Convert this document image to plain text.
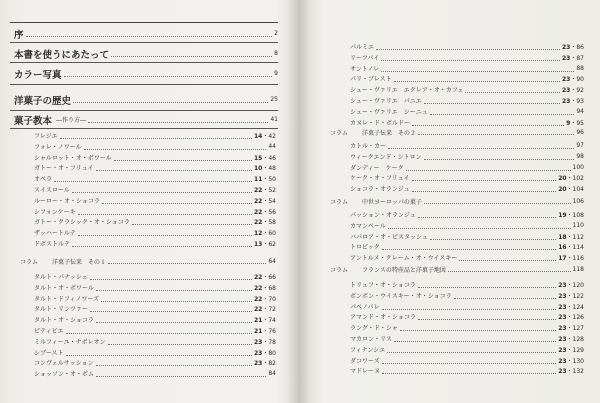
序	2
本書を使うにあたって	8
カラー写真	9
洋菓子の歴史	25
菓子教本 ―作り方―	41
フレジエ	14・42
フォレ・ノワール	44
シャルロット・オ・ポワール	15・46
ガトー・オ・フリュイ	10・48
オペラ	11・50
スイスロール	22・52
ルーロー・オ・ショコラ	22・54
シフォンケーキ	22・56
ガトー・クラシック・オ・ショコラ	22・58
ザッハートルテ	12・60
ドボストルテ	13・62
コラム	洋菓子伝来　その１	64
タルト・パナッシェ	22・66
タルト・オ・ポワール	22・68
タルト・ドフィノワーズ	22・70
タルト・リンツァー	22・72
タルト・オ・ショコラ	21・74
ピティビエ	21・76
ミルフィーユ・ナポレオン	23・78
シブースト	23・80
コンヴェルサッション	23・82
ショッソン・オ・ポム	84
パルミエ	23・86
リーフパイ	23・87
サントノレ	88
パリ・ブレスト	23・90
シュー・ヴァリエ　エクレア・オ・カフェ	23・92
シュー・ヴァリエ　パニエ	23・93
シュー・ヴァリエ　シーニュ	94
カヌレ・ド・ボルドー	9・95
コラム	洋菓子伝来　その２	96
カトル・カー	97
ウィークエンド・シトロン	98
ダンディー　ケーク	100
ケーク・オ・フリュイ	20・102
ショコラ・オランジュ	20・104
コラム	中世ヨーロッパの菓子	106
パッション・オランジュ	19・108
カマンベール	110
バパロア・オ・ピスタッシュ	18・112
トロピック	16・114
アントルメ・クレーム・オ・ウイスキー	17・116
コラム	フランスの特産品と洋菓子地図	118
トリュフ・オ・ショコラ	23・120
ボンボン・ウイスキー・オ・ショコラ	23・122
パペノパレ	23・124
アマンド・オ・ショコラ	23・126
ラング・ド・シャ	23・127
マカロン・リス	23・128
フィナンシエ	23・129
ダコワーズ	23・130
マドレーヌ	23・132
